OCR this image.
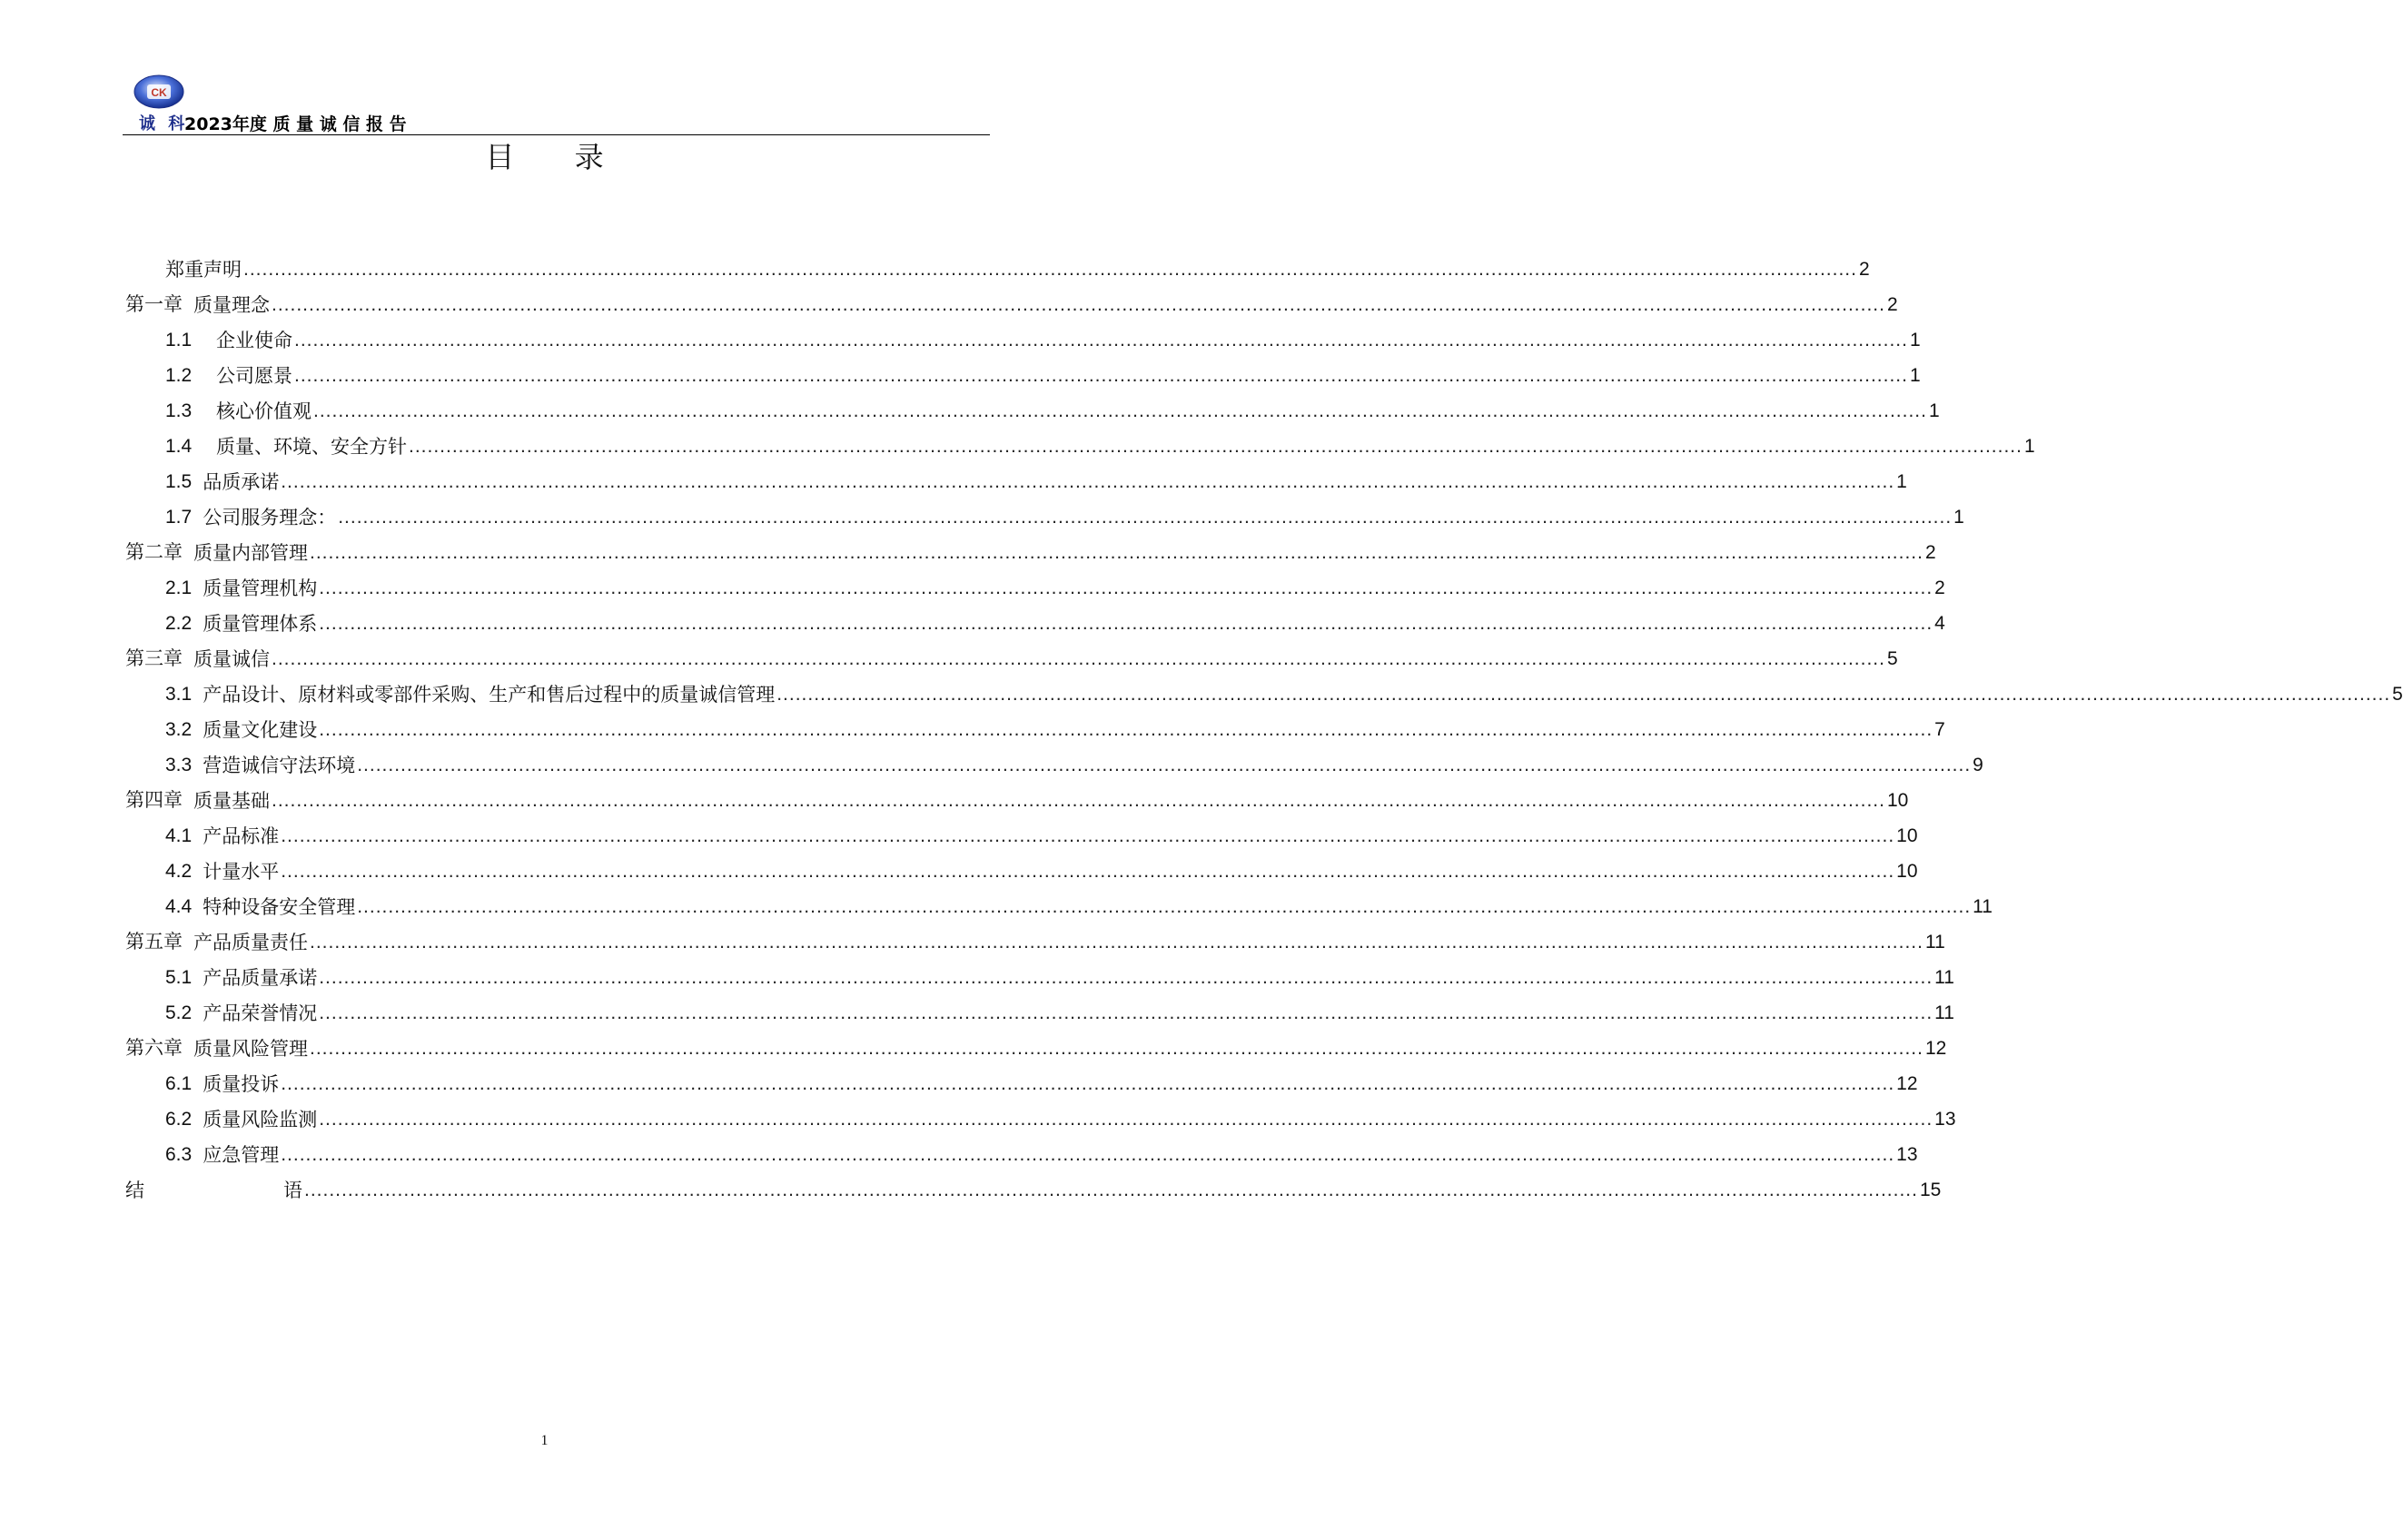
CK
诚 科
2023年度 质 量 诚 信 报 告
目 录
郑重声明 .................................................................................................................................................................................................................................................................... 2
第一章 质量理念 .................................................................................................................................................................................................................................................................... 2
1.1	企业使命 .................................................................................................................................................................................................................................................................... 1
1.2	公司愿景 .................................................................................................................................................................................................................................................................... 1
1.3	核心价值观 .................................................................................................................................................................................................................................................................... 1
1.4	质量、环境、安全方针 .................................................................................................................................................................................................................................................................... 1
1.5 品质承诺 .................................................................................................................................................................................................................................................................... 1
1.7 公司服务理念： .................................................................................................................................................................................................................................................................... 1
第二章 质量内部管理 .................................................................................................................................................................................................................................................................... 2
2.1 质量管理机构 .................................................................................................................................................................................................................................................................... 2
2.2 质量管理体系 .................................................................................................................................................................................................................................................................... 4
第三章 质量诚信 .................................................................................................................................................................................................................................................................... 5
3.1 产品设计、原材料或零部件采购、生产和售后过程中的质量诚信管理 .................................................................................................................................................................................................................................................................... 5
3.2 质量文化建设 .................................................................................................................................................................................................................................................................... 7
3.3 营造诚信守法环境 .................................................................................................................................................................................................................................................................... 9
第四章 质量基础 .................................................................................................................................................................................................................................................................... 10
4.1 产品标准 .................................................................................................................................................................................................................................................................... 10
4.2 计量水平 .................................................................................................................................................................................................................................................................... 10
4.4 特种设备安全管理 .................................................................................................................................................................................................................................................................... 11
第五章 产品质量责任 .................................................................................................................................................................................................................................................................... 11
5.1 产品质量承诺 .................................................................................................................................................................................................................................................................... 11
5.2 产品荣誉情况 .................................................................................................................................................................................................................................................................... 11
第六章 质量风险管理 .................................................................................................................................................................................................................................................................... 12
6.1 质量投诉 .................................................................................................................................................................................................................................................................... 12
6.2 质量风险监测 .................................................................................................................................................................................................................................................................... 13
6.3 应急管理 .................................................................................................................................................................................................................................................................... 13
结	语 .................................................................................................................................................................................................................................................................... 15
1
